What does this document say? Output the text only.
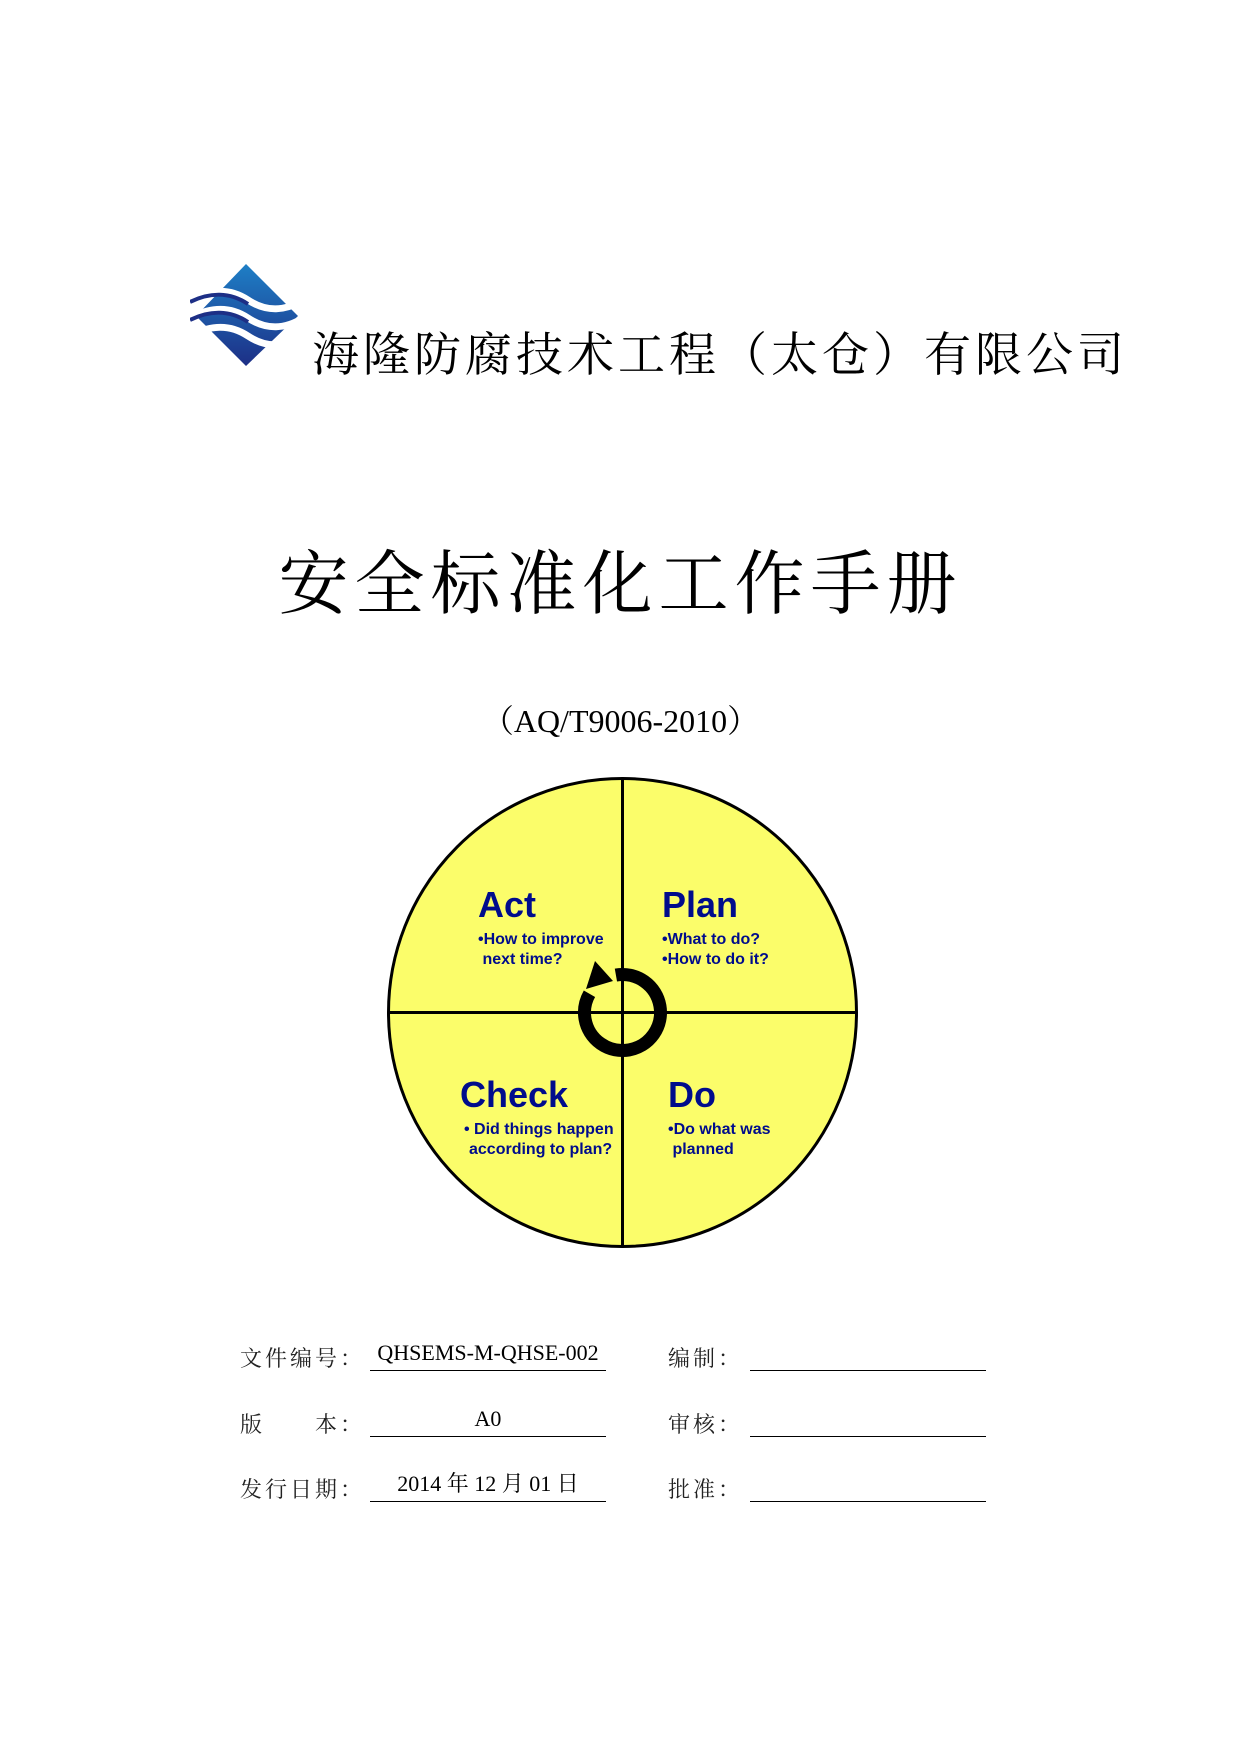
海隆防腐技术工程（太仓）有限公司
安全标准化工作手册
（AQ/T9006-2010）
Act
•How to improve
next time?
Plan
•What to do?
•How to do it?
Check
• Did things happen
according to plan?
Do
•Do what was
planned
文件编号： QHSEMS-M-QHSE-002	编制：
版　　本：	A0	审核：
发行日期：	2014 年 12 月 01 日	批准：
